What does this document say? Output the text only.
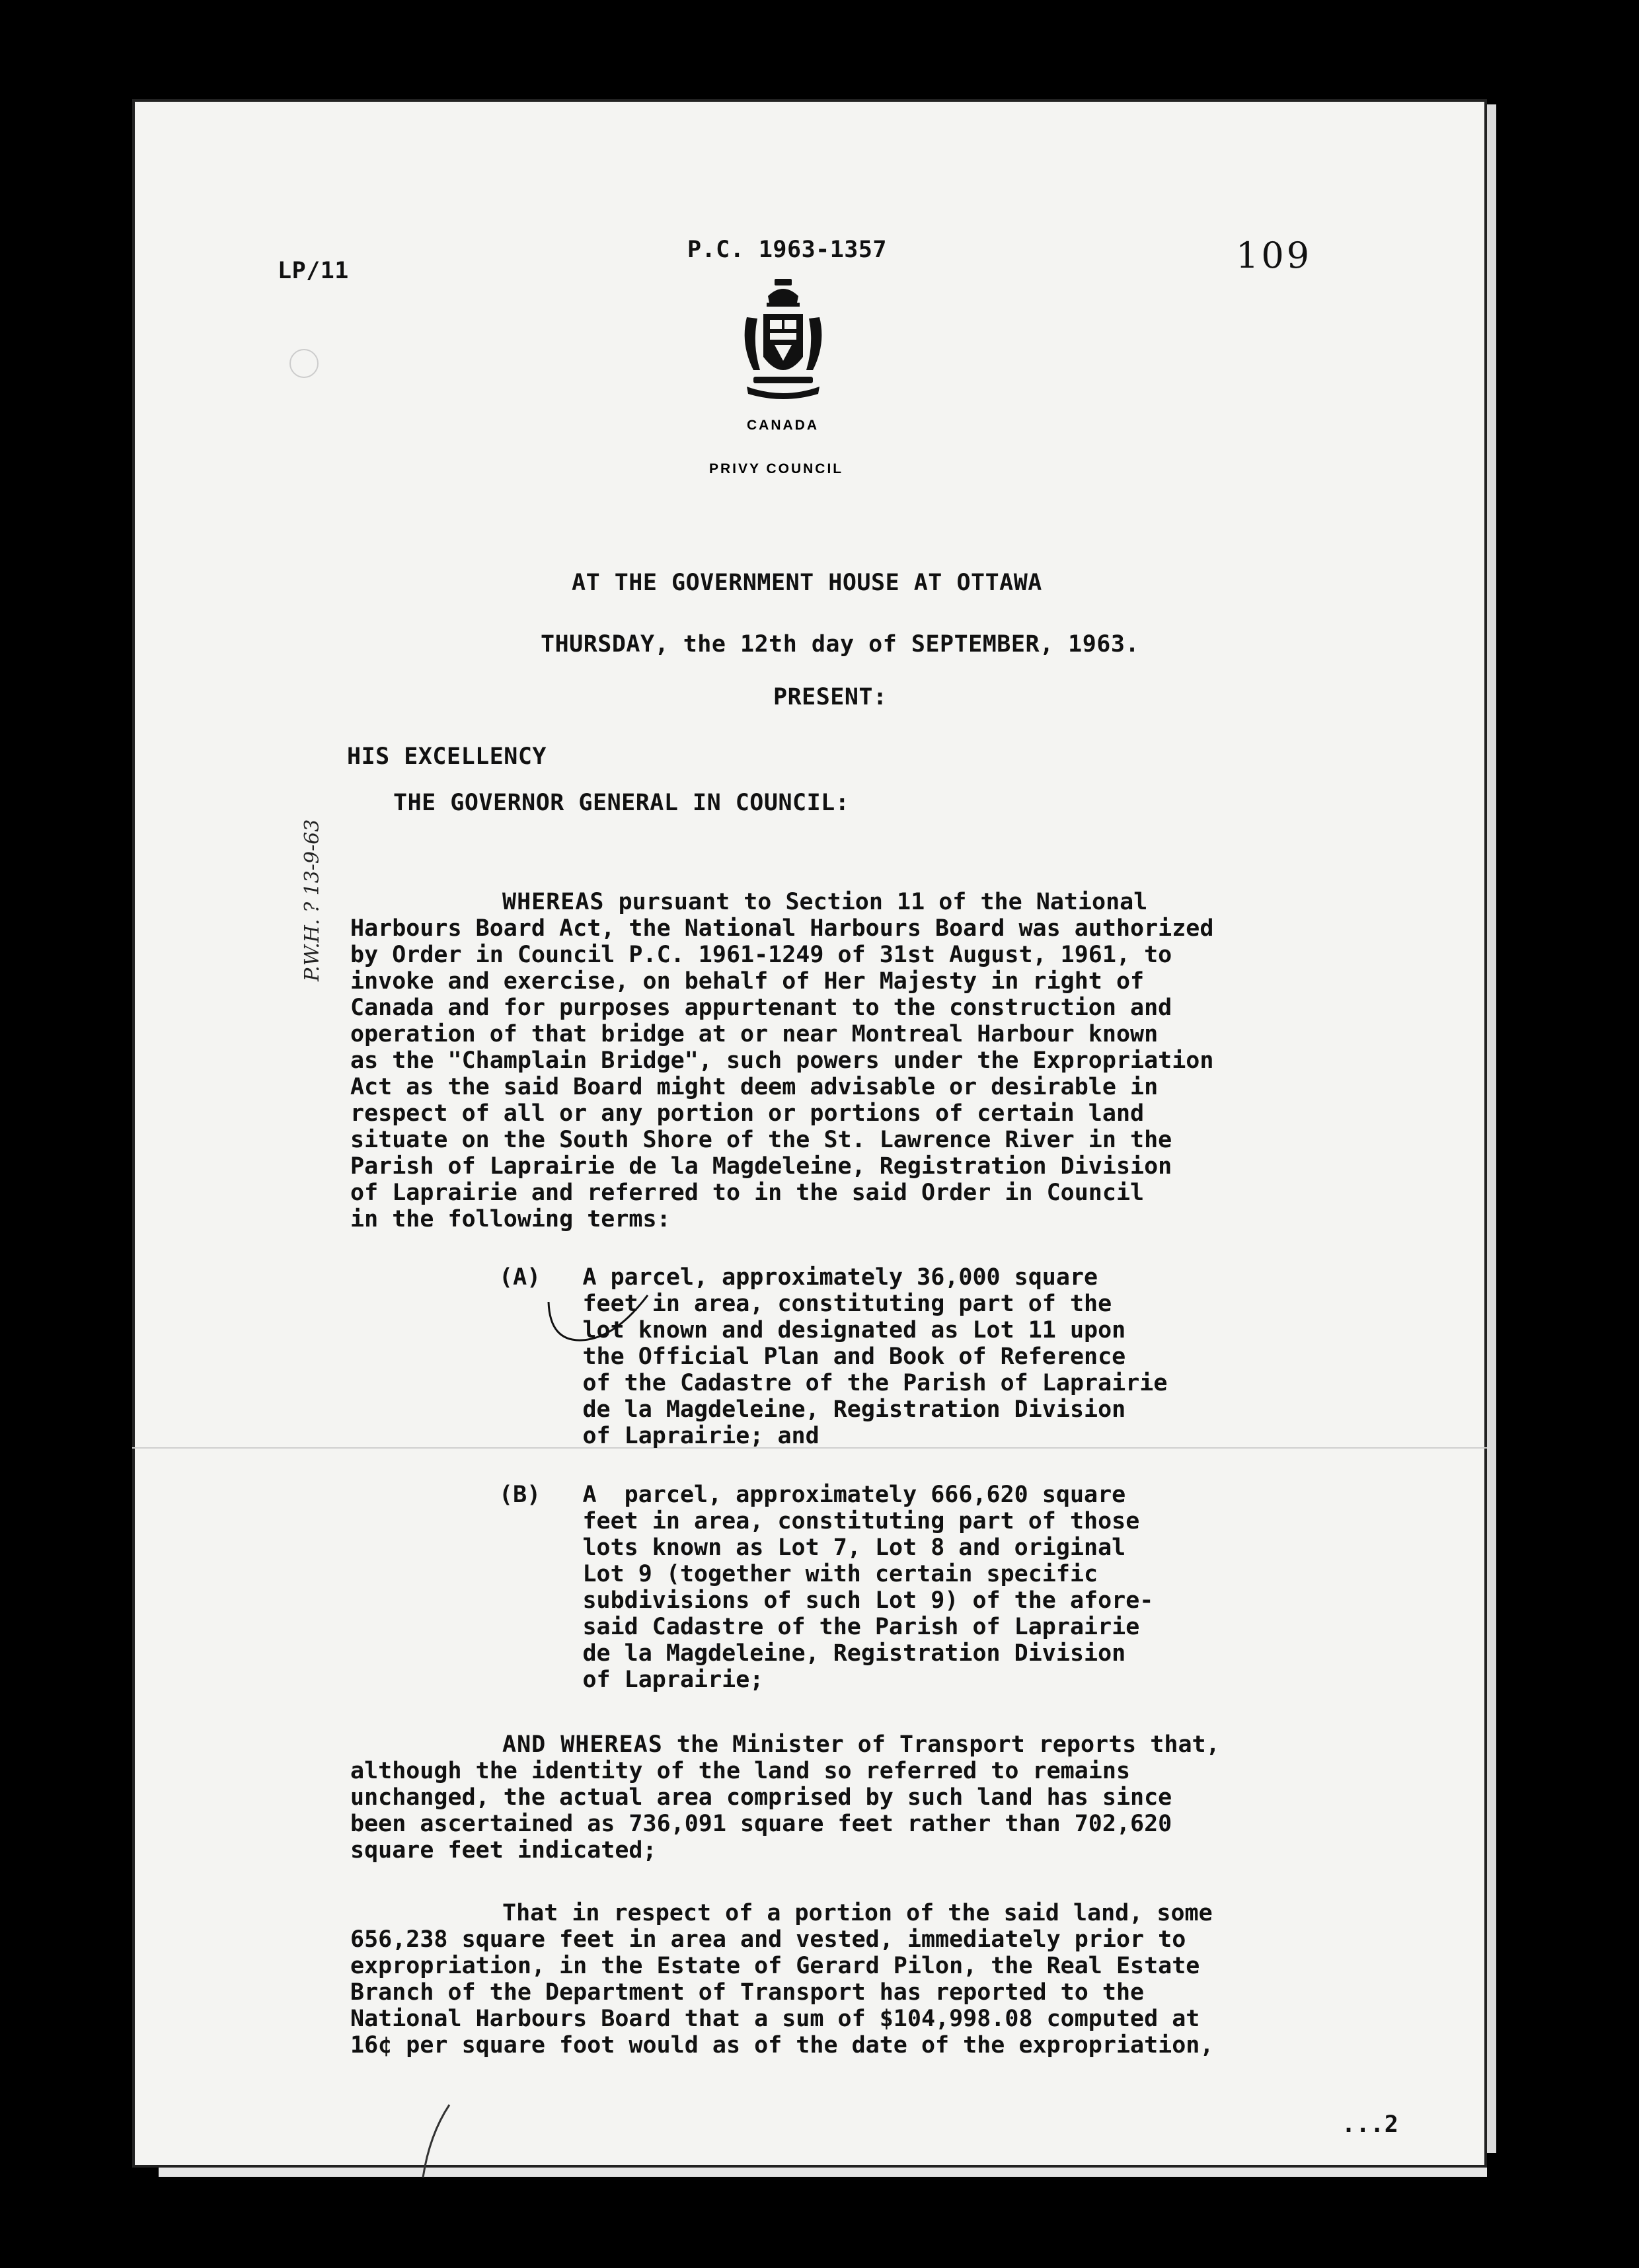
LP/11
P.C. 1963-1357	109
CANADA
PRIVY COUNCIL
AT THE GOVERNMENT HOUSE AT OTTAWA
THURSDAY, the 12th day of SEPTEMBER, 1963.
PRESENT:
HIS EXCELLENCY
THE GOVERNOR GENERAL IN COUNCIL:
P.W.H. ? 13-9-63	WHEREAS pursuant to Section 11 of the National
Harbours Board Act, the National Harbours Board was authorized
by Order in Council P.C. 1961-1249 of 31st August, 1961, to
invoke and exercise, on behalf of Her Majesty in right of
Canada and for purposes appurtenant to the construction and
operation of that bridge at or near Montreal Harbour known
as the "Champlain Bridge", such powers under the Expropriation
Act as the said Board might deem advisable or desirable in
respect of all or any portion or portions of certain land
situate on the South Shore of the St. Lawrence River in the
Parish of Laprairie de la Magdeleine, Registration Division
of Laprairie and referred to in the said Order in Council
in the following terms:
(A) A parcel, approximately 36,000 square
feet in area, constituting part of the
lot known and designated as Lot 11 upon
the Official Plan and Book of Reference
of the Cadastre of the Parish of Laprairie
de la Magdeleine, Registration Division
of Laprairie; and
(B) A  parcel, approximately 666,620 square
feet in area, constituting part of those
lots known as Lot 7, Lot 8 and original
Lot 9 (together with certain specific
subdivisions of such Lot 9) of the afore-
said Cadastre of the Parish of Laprairie
de la Magdeleine, Registration Division
of Laprairie;
AND WHEREAS the Minister of Transport reports that,
although the identity of the land so referred to remains
unchanged, the actual area comprised by such land has since
been ascertained as 736,091 square feet rather than 702,620
square feet indicated;
That in respect of a portion of the said land, some
656,238 square feet in area and vested, immediately prior to
expropriation, in the Estate of Gerard Pilon, the Real Estate
Branch of the Department of Transport has reported to the
National Harbours Board that a sum of $104,998.08 computed at
16¢ per square foot would as of the date of the expropriation,
...2
